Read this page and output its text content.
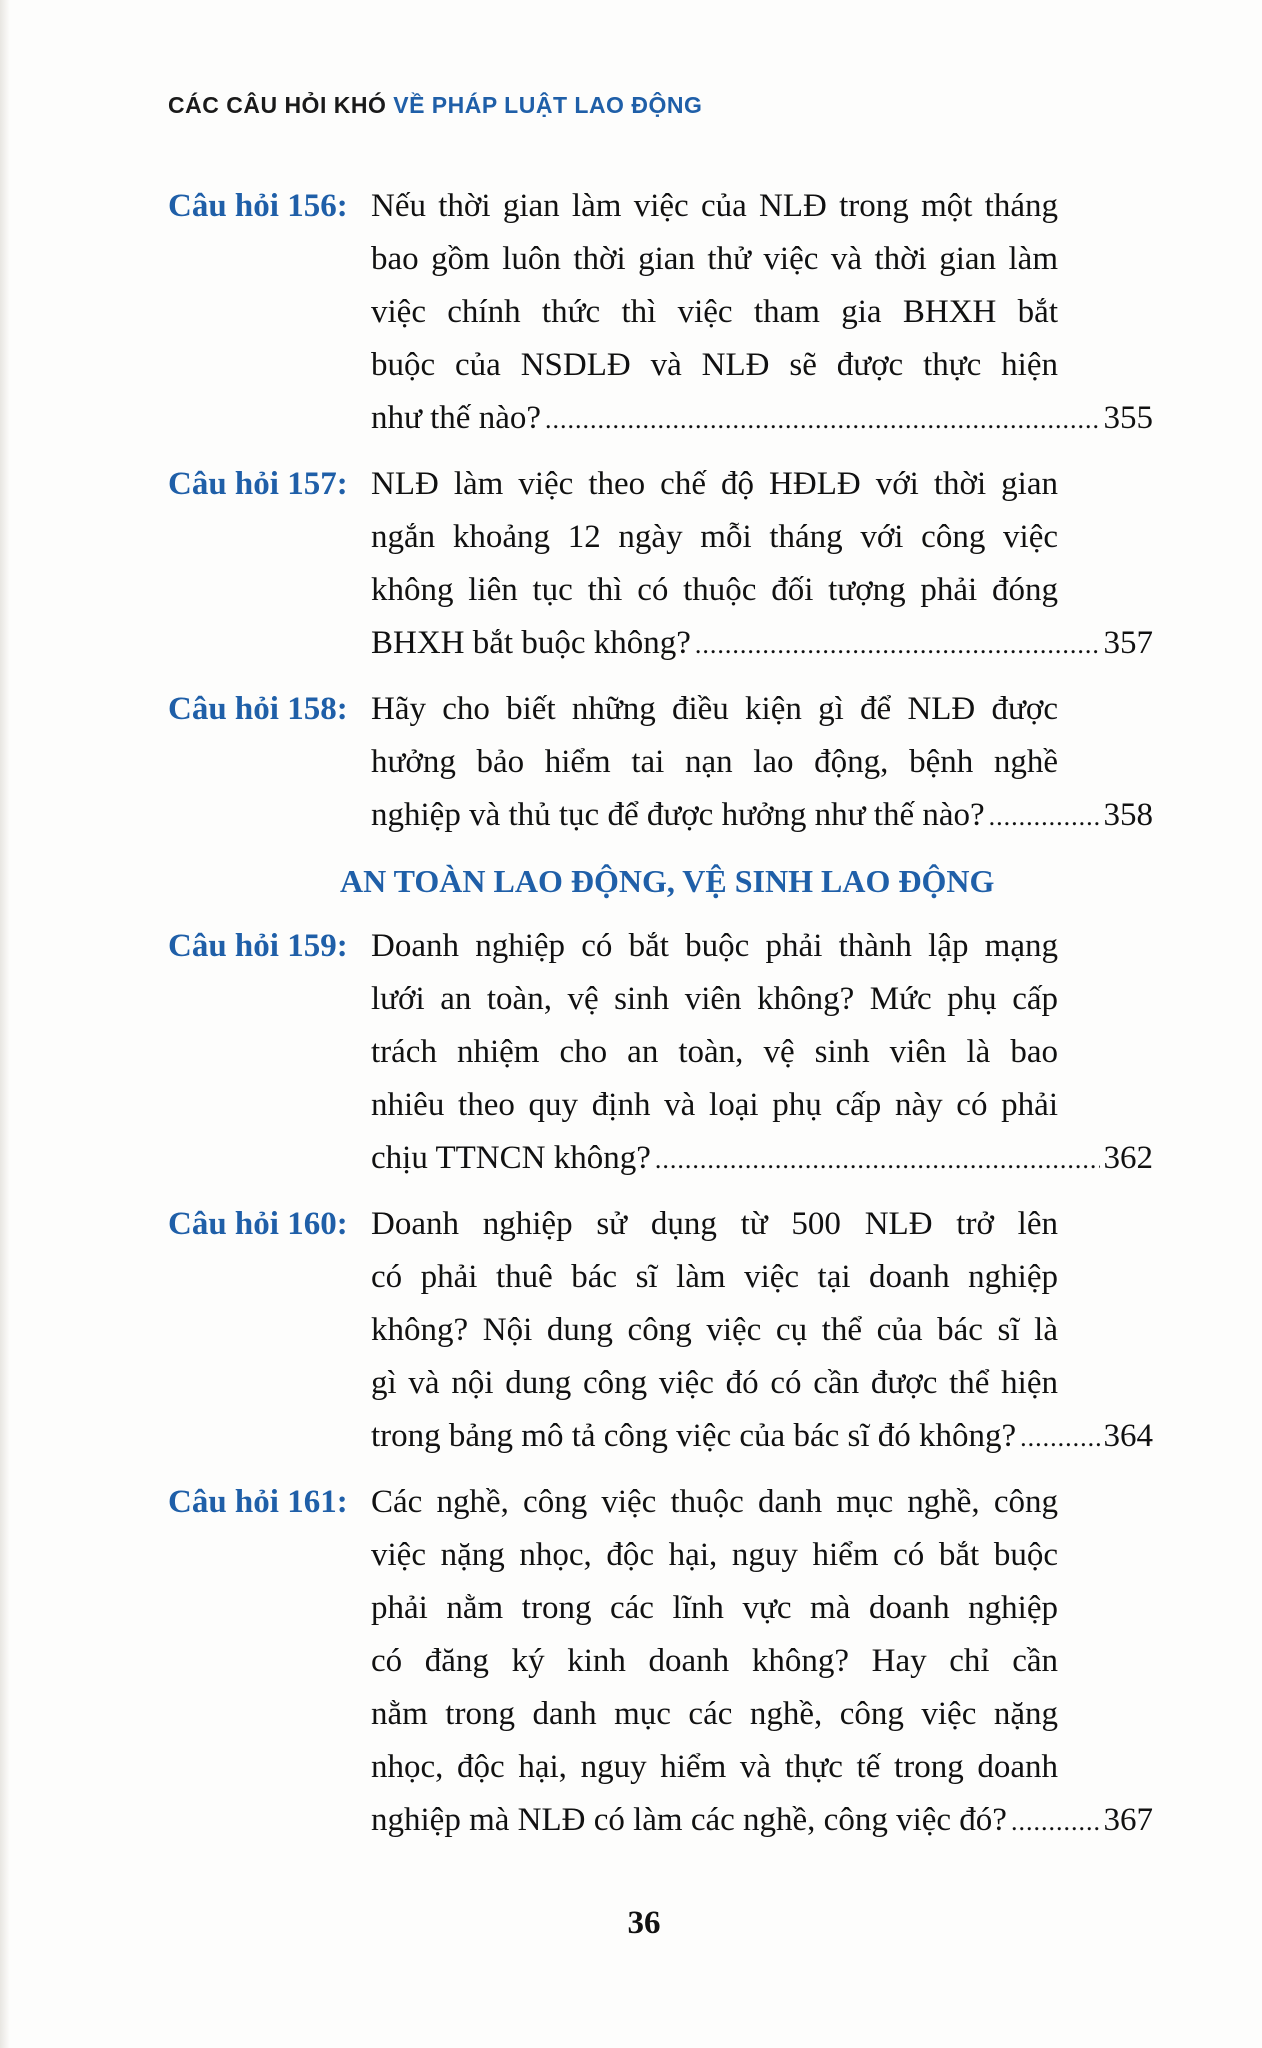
CÁC CÂU HỎI KHÓ VỀ PHÁP LUẬT LAO ĐỘNG
Câu hỏi 156: Nếu thời gian làm việc của NLĐ trong một tháng
bao gồm luôn thời gian thử việc và thời gian làm
việc chính thức thì việc tham gia BHXH bắt
buộc của NSDLĐ và NLĐ sẽ được thực hiện
như thế nào? .....	355
Câu hỏi 157: NLĐ làm việc theo chế độ HĐLĐ với thời gian
ngắn khoảng 12 ngày mỗi tháng với công việc
không liên tục thì có thuộc đối tượng phải đóng
BHXH bắt buộc không? .....	357
Câu hỏi 158: Hãy cho biết những điều kiện gì để NLĐ được
hưởng bảo hiểm tai nạn lao động, bệnh nghề
nghiệp và thủ tục để được hưởng như thế nào? .....	358
AN TOÀN LAO ĐỘNG, VỆ SINH LAO ĐỘNG
Câu hỏi 159: Doanh nghiệp có bắt buộc phải thành lập mạng
lưới an toàn, vệ sinh viên không? Mức phụ cấp
trách nhiệm cho an toàn, vệ sinh viên là bao
nhiêu theo quy định và loại phụ cấp này có phải
chịu TTNCN không? .....	362
Câu hỏi 160: Doanh nghiệp sử dụng từ 500 NLĐ trở lên
có phải thuê bác sĩ làm việc tại doanh nghiệp
không? Nội dung công việc cụ thể của bác sĩ là
gì và nội dung công việc đó có cần được thể hiện
trong bảng mô tả công việc của bác sĩ đó không? .....	364
Câu hỏi 161: Các nghề, công việc thuộc danh mục nghề, công
việc nặng nhọc, độc hại, nguy hiểm có bắt buộc
phải nằm trong các lĩnh vực mà doanh nghiệp
có đăng ký kinh doanh không? Hay chỉ cần
nằm trong danh mục các nghề, công việc nặng
nhọc, độc hại, nguy hiểm và thực tế trong doanh
nghiệp mà NLĐ có làm các nghề, công việc đó? .....	367
36
